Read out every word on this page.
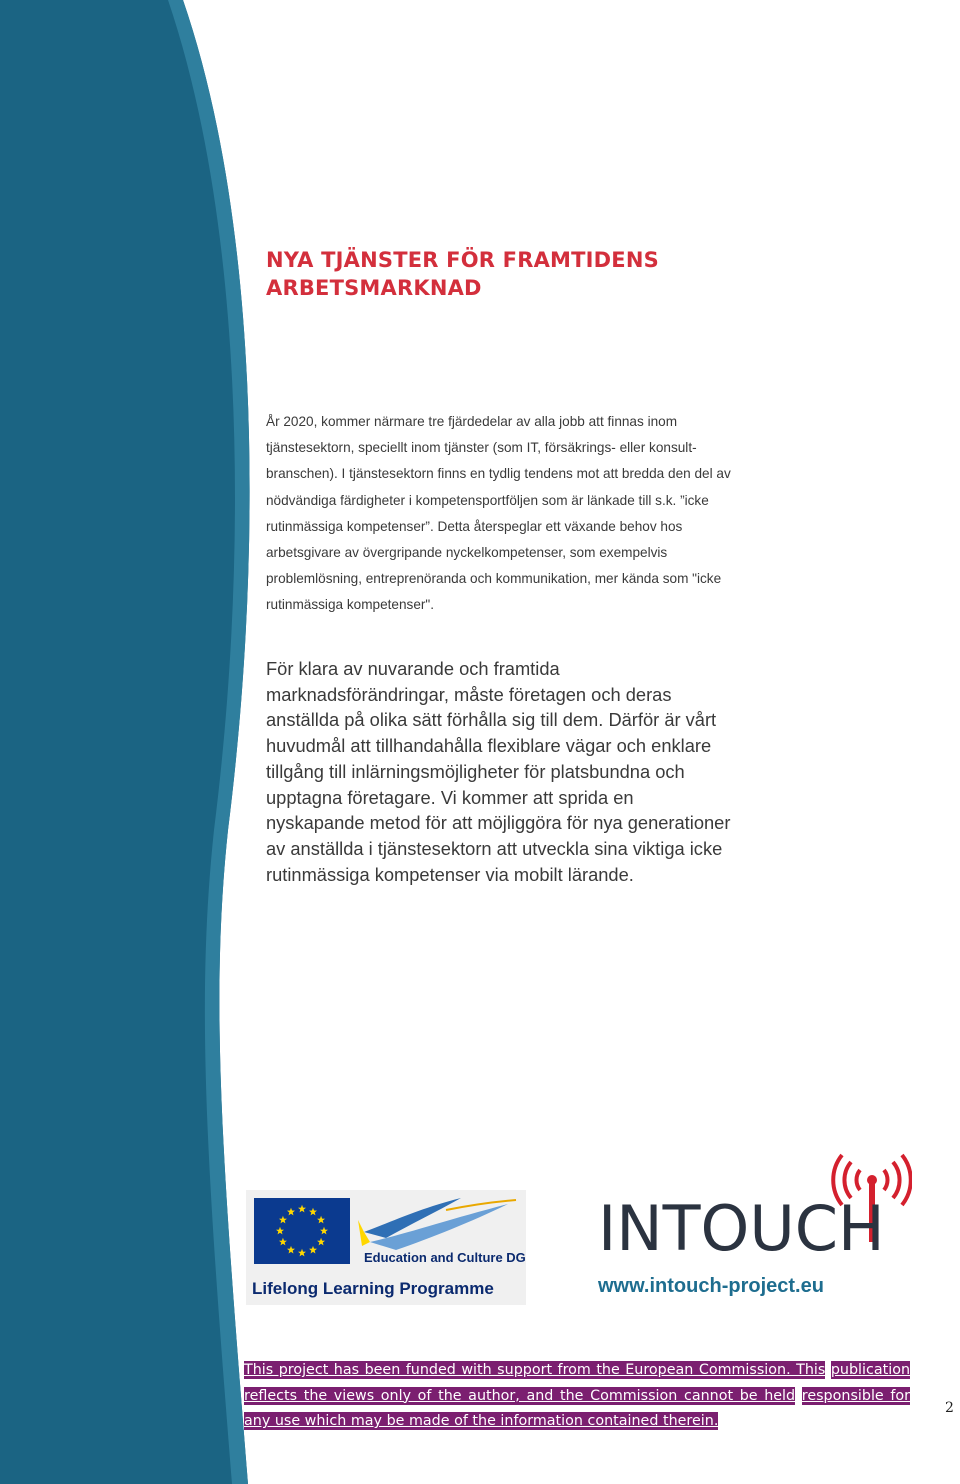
NYA TJÄNSTER FÖR FRAMTIDENS
ARBETSMARKNAD

År 2020, kommer närmare tre fjärdedelar av alla jobb att finnas inom tjänstesektorn, speciellt inom tjänster (som IT, försäkrings- eller konsult- branschen). I tjänstesektorn finns en tydlig tendens mot att bredda den del av nödvändiga färdigheter i kompetensportföljen som är länkade till s.k. ”icke rutinmässiga kompetenser”. Detta återspeglar ett växande behov hos arbetsgivare av övergripande nyckelkompetenser, som exempelvis problemlösning, entreprenöranda och kommunikation, mer kända som "icke rutinmässiga kompetenser".

För klara av nuvarande och framtida marknadsförändringar, måste företagen och deras anställda på olika sätt förhålla sig till dem. Därför är vårt huvudmål att tillhandahålla flexiblare vägar och enklare tillgång till inlärningsmöjligheter för platsbundna och upptagna företagare. Vi kommer att sprida en nyskapande metod för att möjliggöra för nya generationer av anställda i tjänstesektorn att utveckla sina viktiga icke rutinmässiga kompetenser via mobilt lärande.

Education and Culture DG
Lifelong Learning Programme
INTOUCH

www.intouch-project.eu

This project has been funded with support from the European Commission. This publication reflects the views only of the author, and the Commission cannot be held responsible for any use which may be made of the information contained therein.

2
